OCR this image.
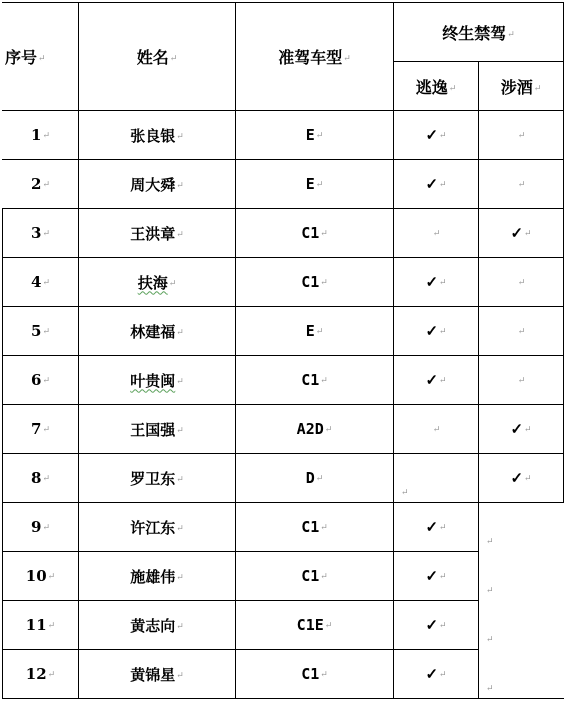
序号↵	姓名↵	准驾车型↵	终生禁驾↵	
			逃逸↵	涉酒↵
1↵	张良银↵	E↵	✓↵	↵
2↵	周大舜↵	E↵	✓↵	↵
3↵	王洪章↵	C1↵	↵	✓↵
4↵	扶海↵	C1↵	✓↵	↵
5↵	林建福↵	E↵	✓↵	↵
6↵	叶贵闽↵	C1↵	✓↵	↵
7↵	王国强↵	A2D↵	↵	✓↵
8↵	罗卫东↵	D↵	↵	✓↵
9↵	许江东↵	C1↵	✓↵	↵

10↵	施雄伟↵	C1↵	✓↵	↵

11↵	黄志向↵	C1E↵	✓↵	↵

12↵	黄锦星↵	C1↵	✓↵	↵
